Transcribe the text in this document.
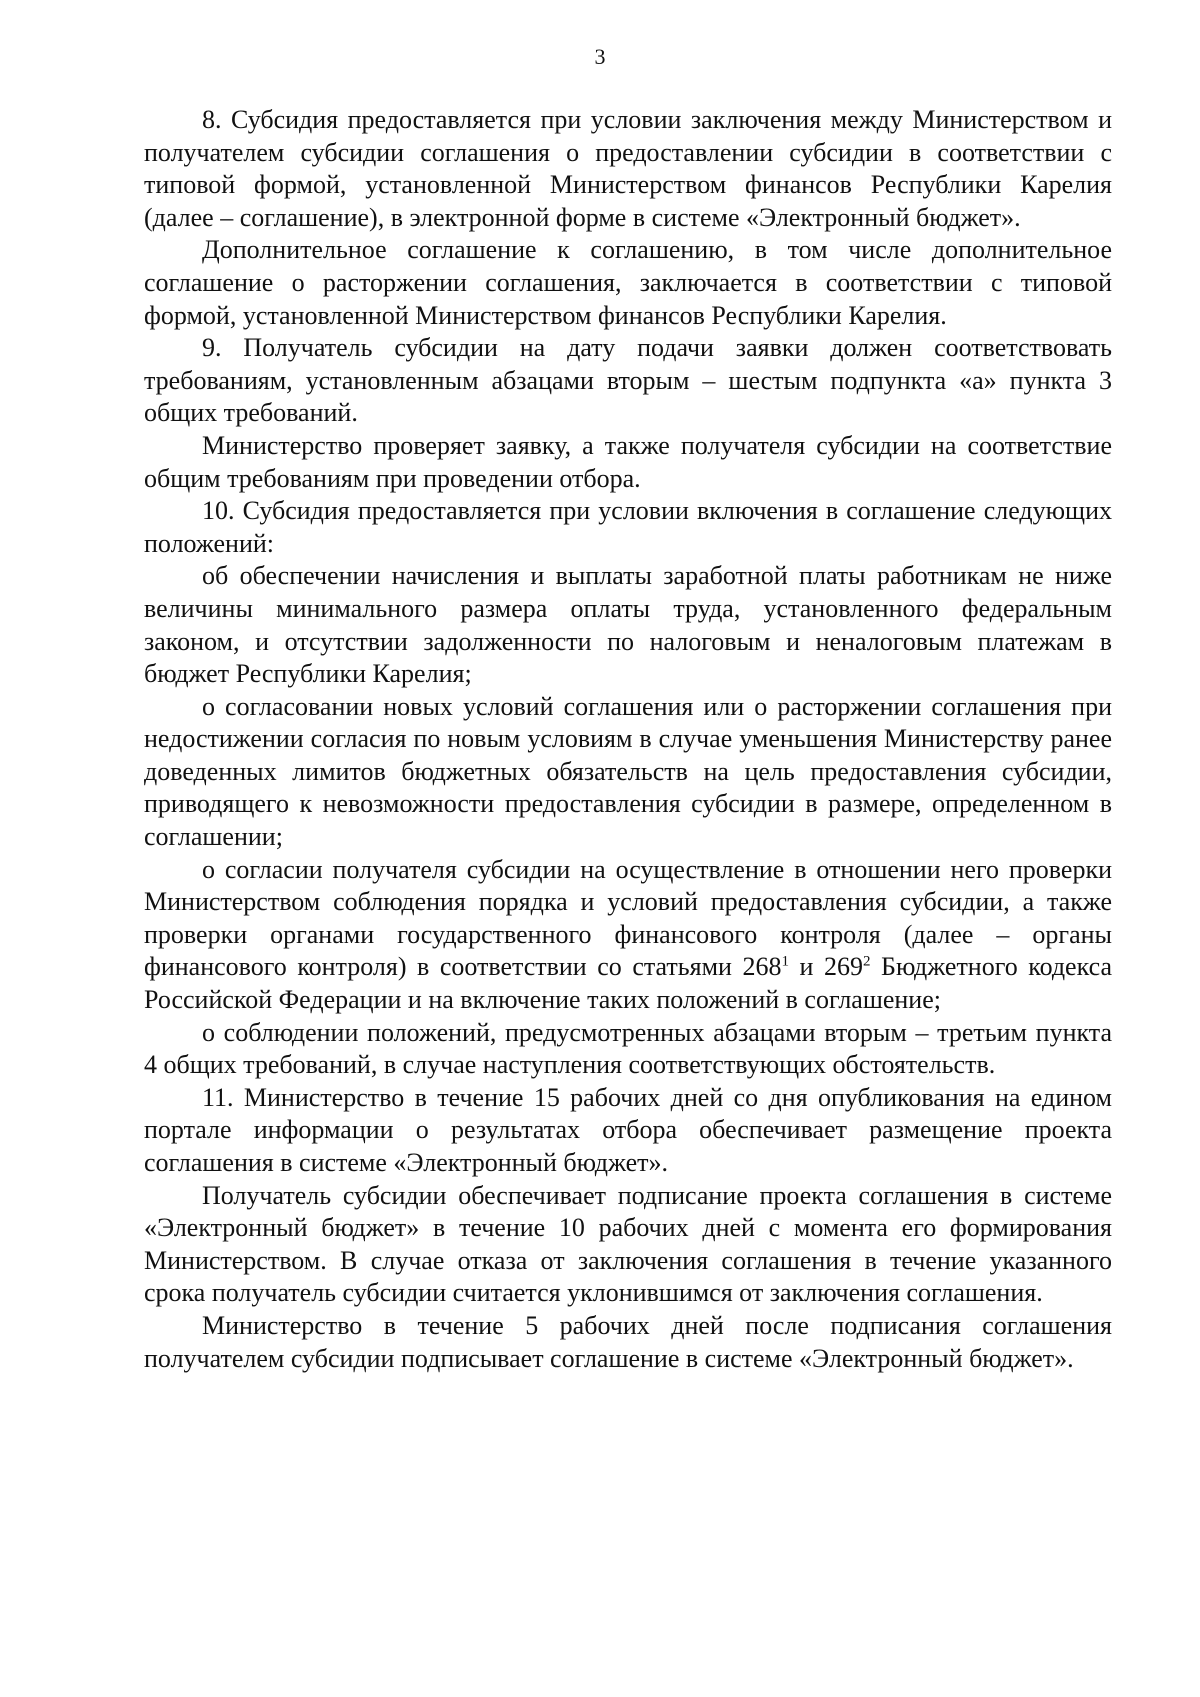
3

8. Субсидия предоставляется при условии заключения между Министерством и получателем субсидии соглашения о предоставлении субсидии в соответствии с типовой формой, установленной Министерством финансов Республики Карелия (далее – соглашение), в электронной форме в системе «Электронный бюджет».

Дополнительное соглашение к соглашению, в том числе дополнительное соглашение о расторжении соглашения, заключается в соответствии с типовой формой, установленной Министерством финансов Республики Карелия.

9. Получатель субсидии на дату подачи заявки должен соответствовать требованиям, установленным абзацами вторым – шестым подпункта «а» пункта 3 общих требований.

Министерство проверяет заявку, а также получателя субсидии на соответствие общим требованиям при проведении отбора.

10. Субсидия предоставляется при условии включения в соглашение следующих положений:

об обеспечении начисления и выплаты заработной платы работникам не ниже величины минимального размера оплаты труда, установленного федеральным законом, и отсутствии задолженности по налоговым и неналоговым платежам в бюджет Республики Карелия;

о согласовании новых условий соглашения или о расторжении соглашения при недостижении согласия по новым условиям в случае уменьшения Министерству ранее доведенных лимитов бюджетных обязательств на цель предоставления субсидии, приводящего к невозможности предоставления субсидии в размере, определенном в соглашении;

о согласии получателя субсидии на осуществление в отношении него проверки Министерством соблюдения порядка и условий предоставления субсидии, а также проверки органами государственного финансового контроля (далее – органы финансового контроля) в соответствии со статьями $268^1$ и $269^2$ Бюджетного кодекса Российской Федерации и на включение таких положений в соглашение;

о соблюдении положений, предусмотренных абзацами вторым – третьим пункта 4 общих требований, в случае наступления соответствующих обстоятельств.

11. Министерство в течение 15 рабочих дней со дня опубликования на едином портале информации о результатах отбора обеспечивает размещение проекта соглашения в системе «Электронный бюджет».

Получатель субсидии обеспечивает подписание проекта соглашения в системе «Электронный бюджет» в течение 10 рабочих дней с момента его формирования Министерством. В случае отказа от заключения соглашения в течение указанного срока получатель субсидии считается уклонившимся от заключения соглашения.

Министерство в течение 5 рабочих дней после подписания соглашения получателем субсидии подписывает соглашение в системе «Электронный бюджет».
